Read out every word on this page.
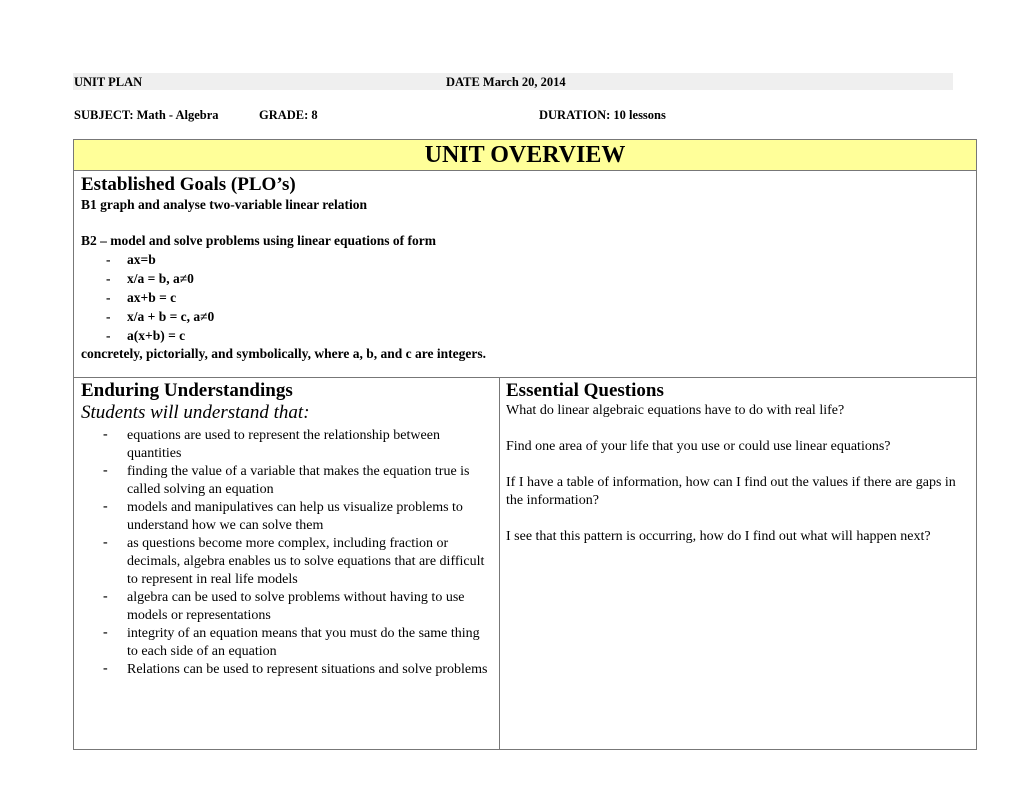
UNIT PLAN	DATE March 20, 2014
SUBJECT: Math - Algebra	GRADE: 8	DURATION: 10 lessons
UNIT OVERVIEW
Established Goals (PLO’s)
B1 graph and analyse two-variable linear relation
B2 – model and solve problems using linear equations of form
- ax=b
- x/a = b, a≠0
- ax+b = c
- x/a + b = c, a≠0
- a(x+b) = c
concretely, pictorially, and symbolically, where a, b, and c are integers.
Enduring Understandings
Students will understand that:
- equations are used to represent the relationship between quantities
- finding the value of a variable that makes the equation true is called solving an equation
- models and manipulatives can help us visualize problems to understand how we can solve them
- as questions become more complex, including fraction or decimals, algebra enables us to solve equations that are difficult to represent in real life models
- algebra can be used to solve problems without having to use models or representations
- integrity of an equation means that you must do the same thing to each side of an equation
- Relations can be used to represent situations and solve problems
Essential Questions
What do linear algebraic equations have to do with real life?
Find one area of your life that you use or could use linear equations?
If I have a table of information, how can I find out the values if there are gaps in the information?
I see that this pattern is occurring, how do I find out what will happen next?
